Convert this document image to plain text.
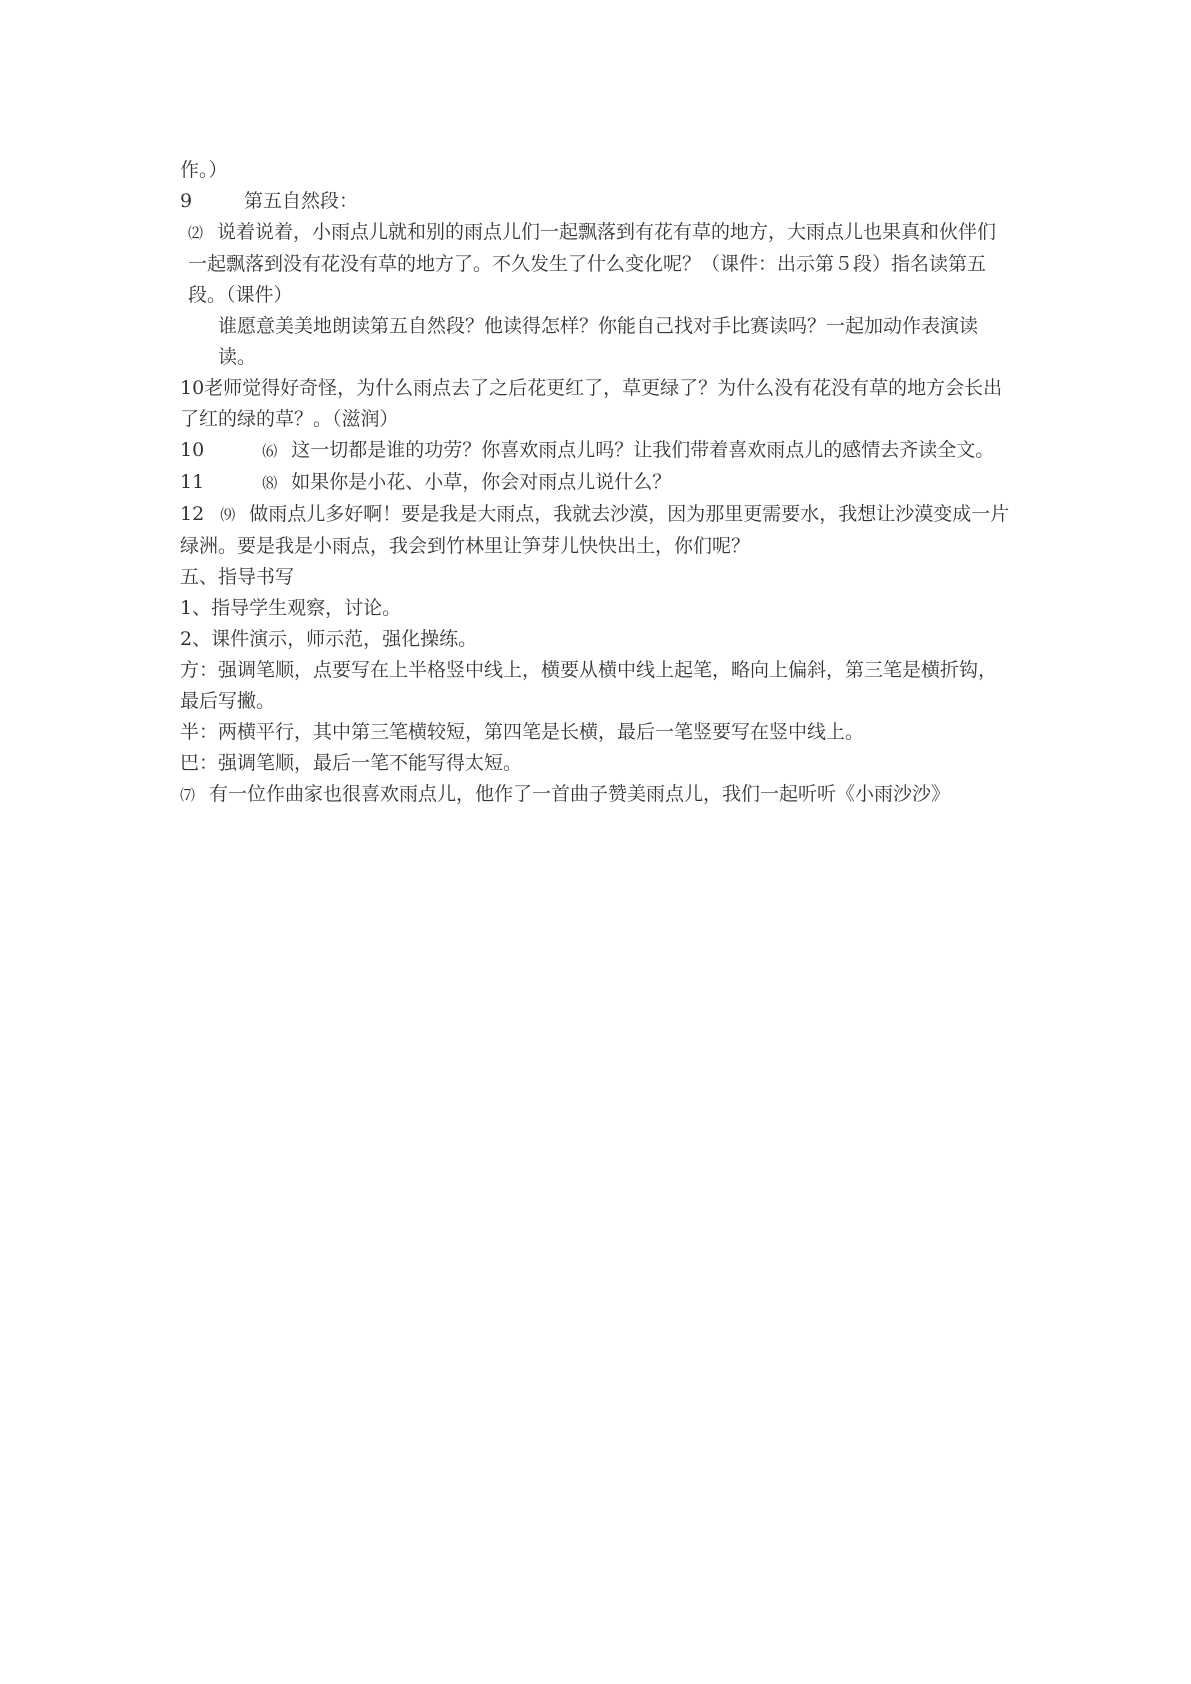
作。）

9	第五自然段：

⑵ 说着说着，小雨点儿就和别的雨点儿们一起飘落到有花有草的地方，大雨点儿也果真和伙伴们一起飘落到没有花没有草的地方了。不久发生了什么变化呢？（课件：出示第５段）指名读第五段。（课件）

谁愿意美美地朗读第五自然段？他读得怎样？你能自己找对手比赛读吗？一起加动作表演读读。

10老师觉得好奇怪，为什么雨点去了之后花更红了，草更绿了？为什么没有花没有草的地方会长出了红的绿的草？。（滋润）

10	⑹ 这一切都是谁的功劳？你喜欢雨点儿吗？让我们带着喜欢雨点儿的感情去齐读全文。

11	⑻ 如果你是小花、小草，你会对雨点儿说什么？

12 ⑼ 做雨点儿多好啊！要是我是大雨点，我就去沙漠，因为那里更需要水，我想让沙漠变成一片绿洲。要是我是小雨点，我会到竹林里让笋芽儿快快出土，你们呢？

五、指导书写

1、指导学生观察，讨论。

2、课件演示，师示范，强化操练。

方：强调笔顺，点要写在上半格竖中线上，横要从横中线上起笔，略向上偏斜，第三笔是横折钩，最后写撇。

半：两横平行，其中第三笔横较短，第四笔是长横，最后一笔竖要写在竖中线上。

巴：强调笔顺，最后一笔不能写得太短。

⑺ 有一位作曲家也很喜欢雨点儿，他作了一首曲子赞美雨点儿，我们一起听听《小雨沙沙》
